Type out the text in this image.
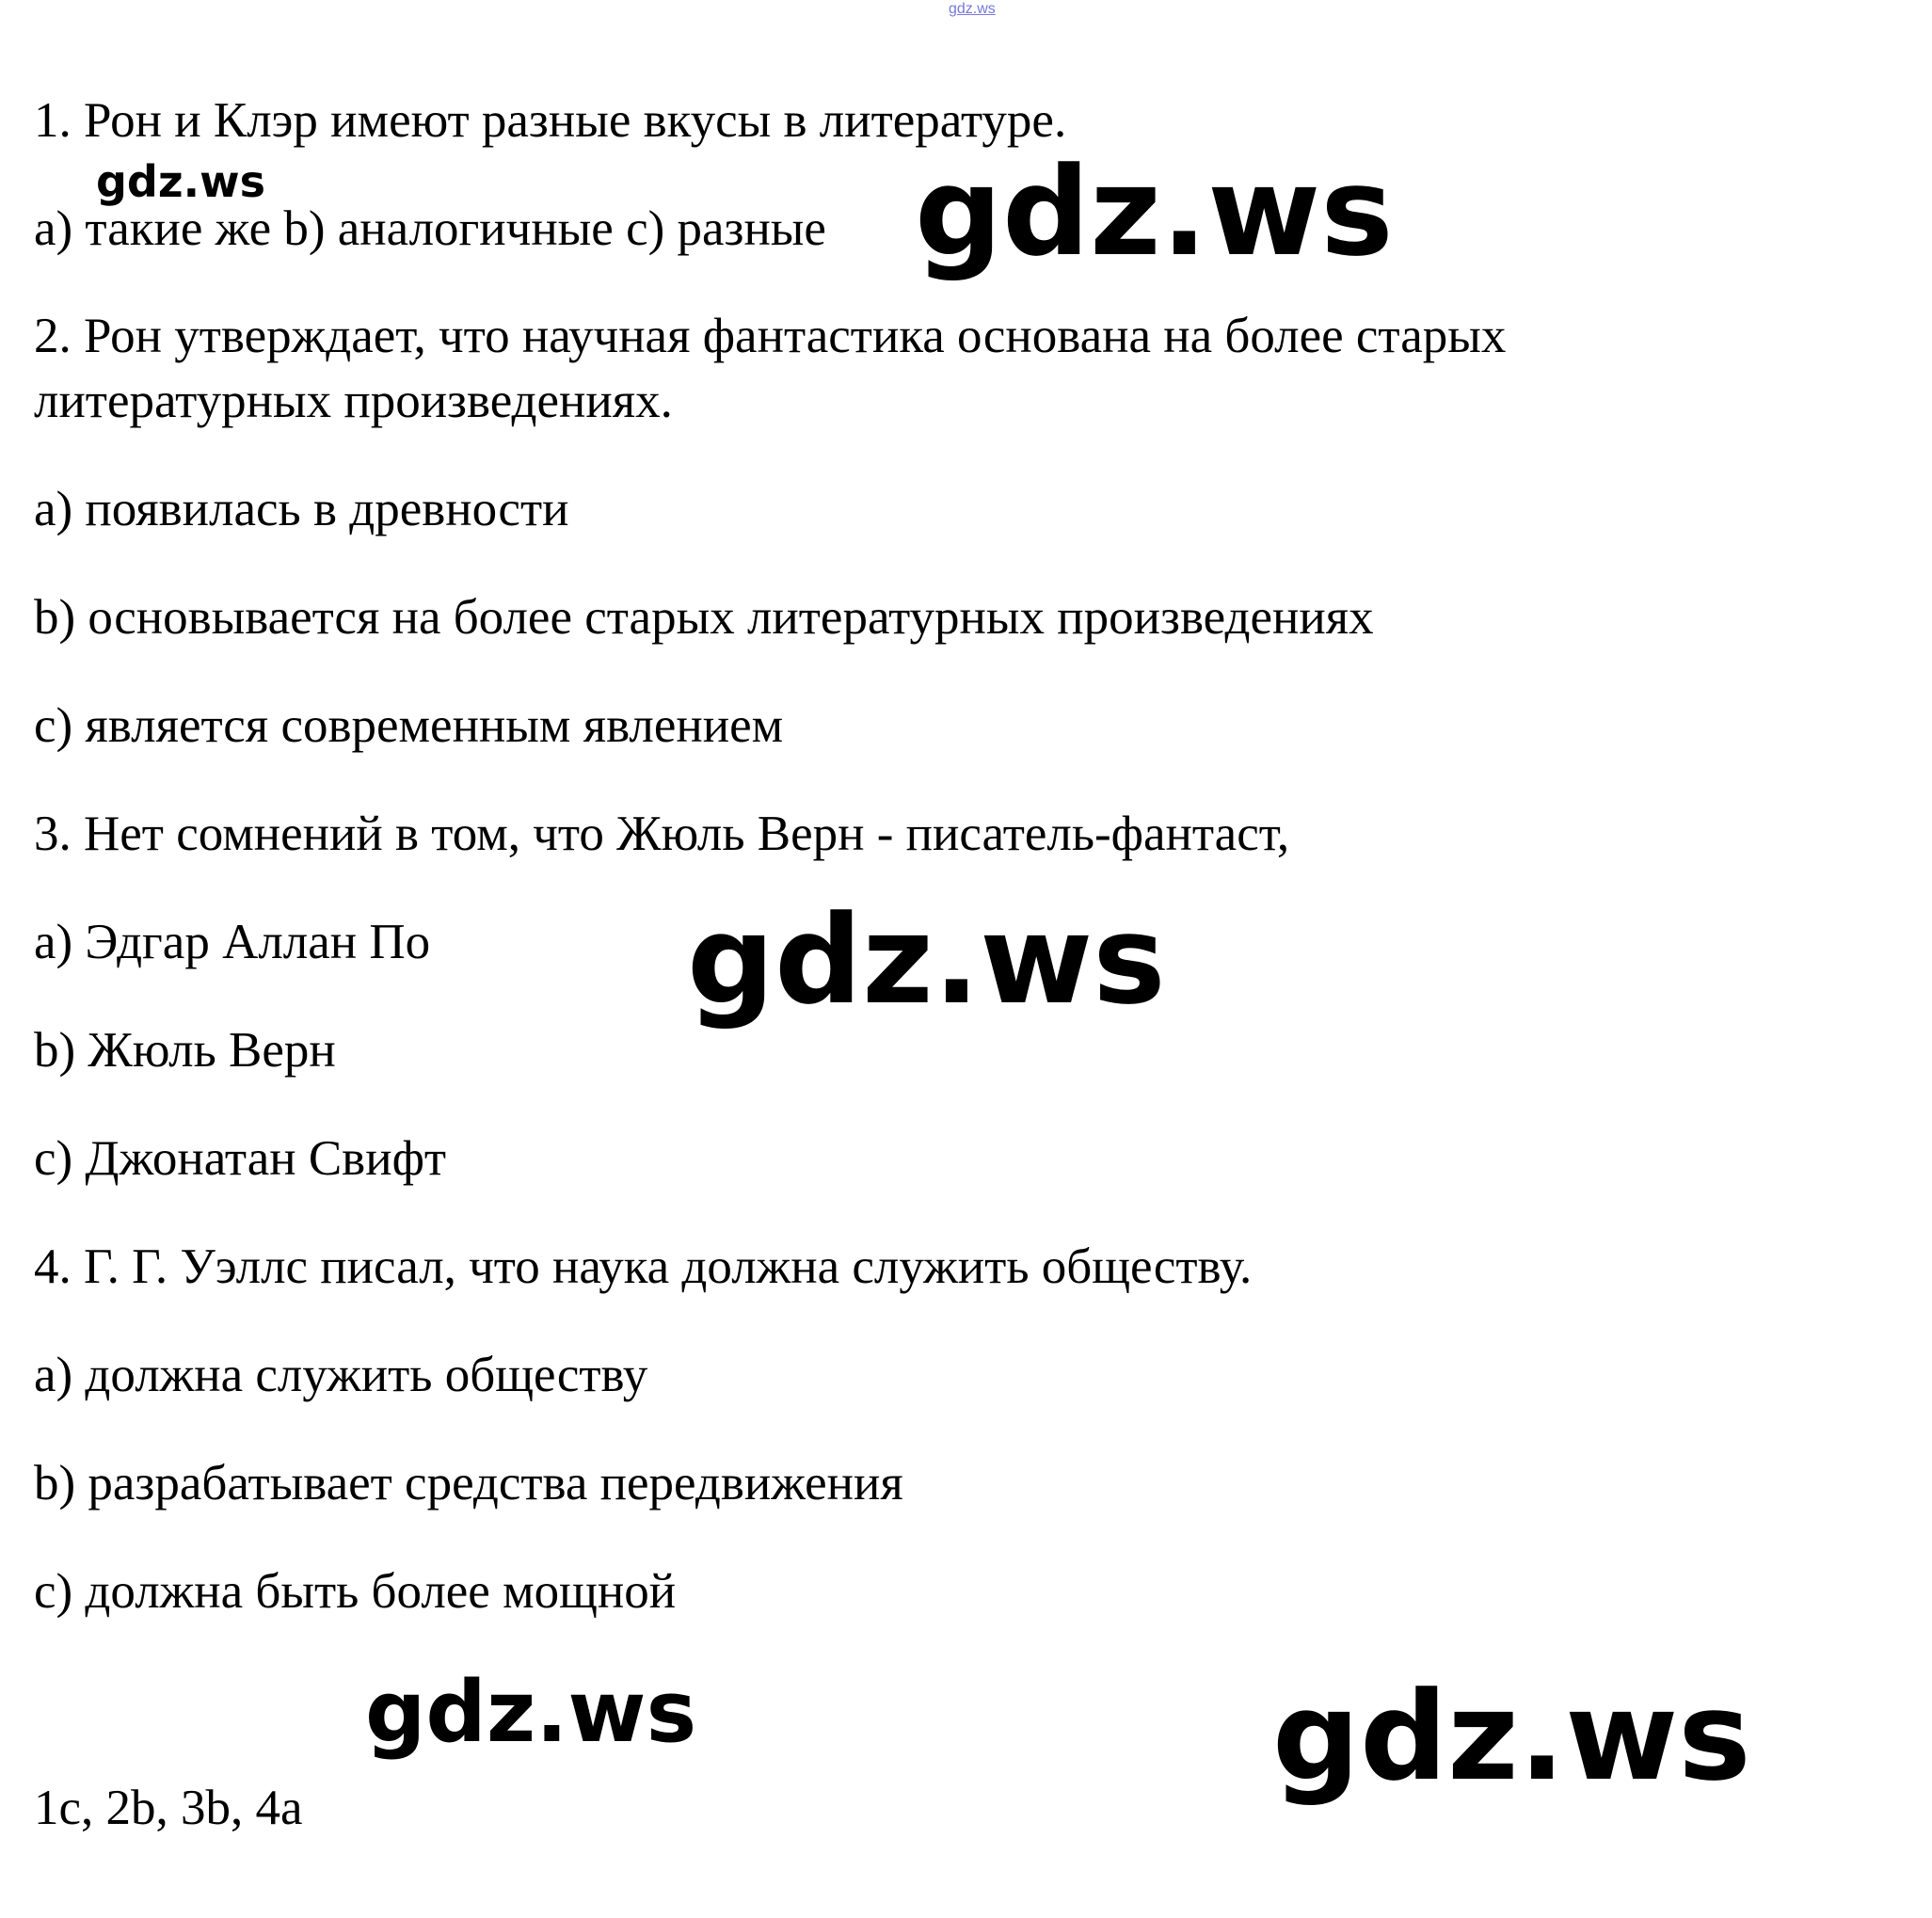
gdz.ws

1. Рон и Клэр имеют разные вкусы в литературе.

a) такие же b) аналогичные c) разные

2. Рон утверждает, что научная фантастика основана на более старых

литературных произведениях.

a) появилась в древности

b) основывается на более старых литературных произведениях

c) является современным явлением

3. Нет сомнений в том, что Жюль Верн - писатель-фантаст,

a) Эдгар Аллан По

b) Жюль Верн

c) Джонатан Свифт

4. Г. Г. Уэллс писал, что наука должна служить обществу.

a) должна служить обществу

b) разрабатывает средства передвижения

c) должна быть более мощной

1c, 2b, 3b, 4a

gdz.ws	gdz.ws
gdz.ws
gdz.ws	gdz.ws
